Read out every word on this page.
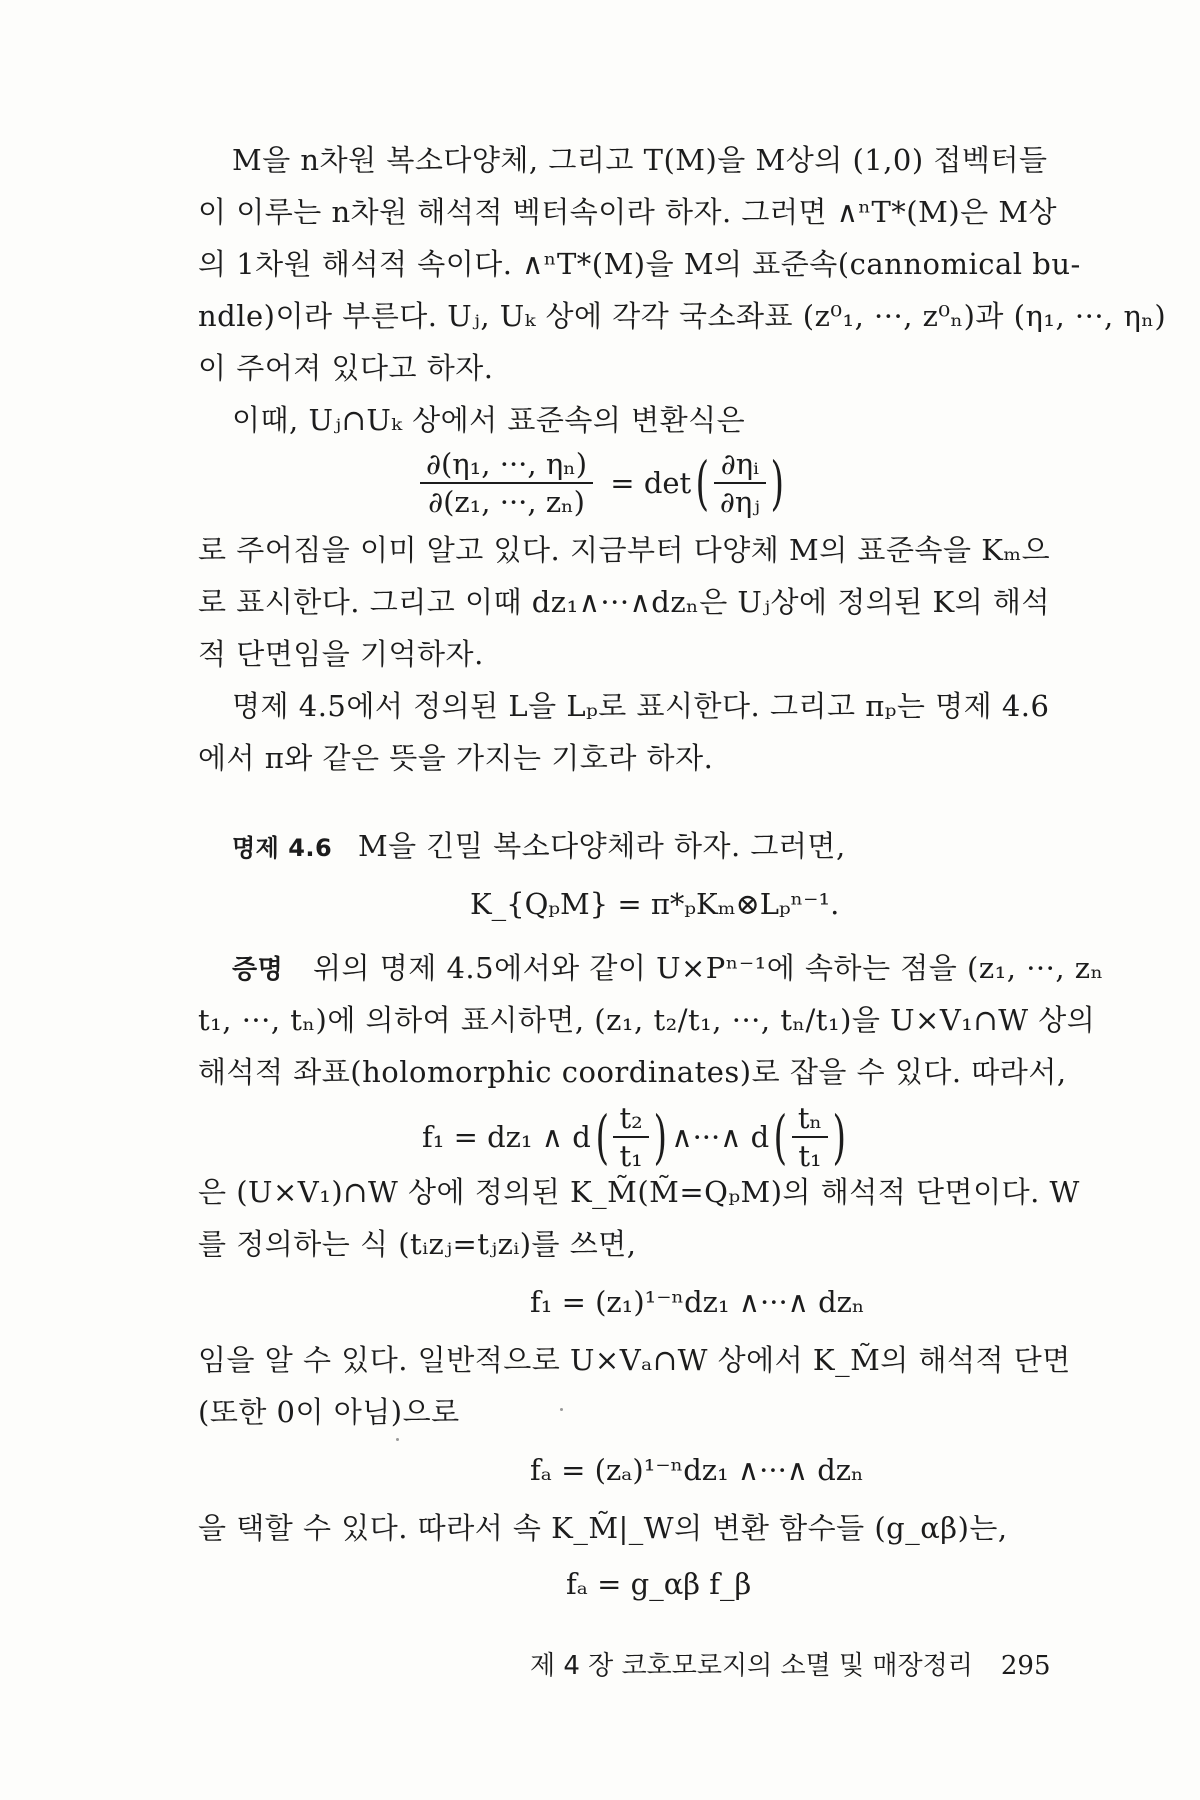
M을 n차원 복소다양체, 그리고 T(M)을 M상의 (1,0) 접벡터들
이 이루는 n차원 해석적 벡터속이라 하자. 그러면 ∧ⁿT*(M)은 M상
의 1차원 해석적 속이다. ∧ⁿT*(M)을 M의 표준속(cannomical bu-
ndle)이라 부른다. Uⱼ, Uₖ 상에 각각 국소좌표 (z⁰₁, ···, z⁰ₙ)과 (η₁, ···, ηₙ)
이 주어져 있다고 하자.
이때, Uⱼ∩Uₖ 상에서 표준속의 변환식은
$\frac{\text{∂(η₁, ···, ηₙ)}}{\text{∂(z₁, ···, zₙ)}} = \det( \frac{\text{∂ηᵢ}}{\text{∂ηⱼ}}$ )
로 주어짐을 이미 알고 있다. 지금부터 다양체 M의 표준속을 Kₘ으
로 표시한다. 그리고 이때 dz₁∧···∧dzₙ은 Uⱼ상에 정의된 K의 해석
적 단면임을 기억하자.
명제 4.5에서 정의된 L을 Lₚ로 표시한다. 그리고 πₚ는 명제 4.6
에서 π와 같은 뜻을 가지는 기호라 하자.
명제 4.6 M을 긴밀 복소다양체라 하자. 그러면,
K_{QₚM} = π*ₚKₘ⊗Lₚⁿ⁻¹.
증명 위의 명제 4.5에서와 같이 U×Pⁿ⁻¹에 속하는 점을 (z₁, ···, zₙ
t₁, ···, tₙ)에 의하여 표시하면, (z₁, t₂/t₁, ···, tₙ/t₁)을 U×V₁∩W 상의
해석적 좌표(holomorphic coordinates)로 잡을 수 있다. 따라서,
f₁ = dz₁ ∧ $d( \frac{\text{t₂}}{\text{t₁}}$ ) ∧···∧ $d( \frac{\text{tₙ}}{\text{t₁}}$ )
은 (U×V₁)∩W 상에 정의된 K_M̃(M̃=QₚM)의 해석적 단면이다. W
를 정의하는 식 (tᵢzⱼ=tⱼzᵢ)를 쓰면,
f₁ = (z₁)¹⁻ⁿdz₁ ∧···∧ dzₙ
임을 알 수 있다. 일반적으로 U×Vₐ∩W 상에서 K_M̃의 해석적 단면
(또한 0이 아님)으로
fₐ = (zₐ)¹⁻ⁿdz₁ ∧···∧ dzₙ
을 택할 수 있다. 따라서 속 K_M̃|_W의 변환 함수들 (g_αβ)는,
fₐ = g_αβ f_β
제 4 장 코호모로지의 소멸 및 매장정리 295
